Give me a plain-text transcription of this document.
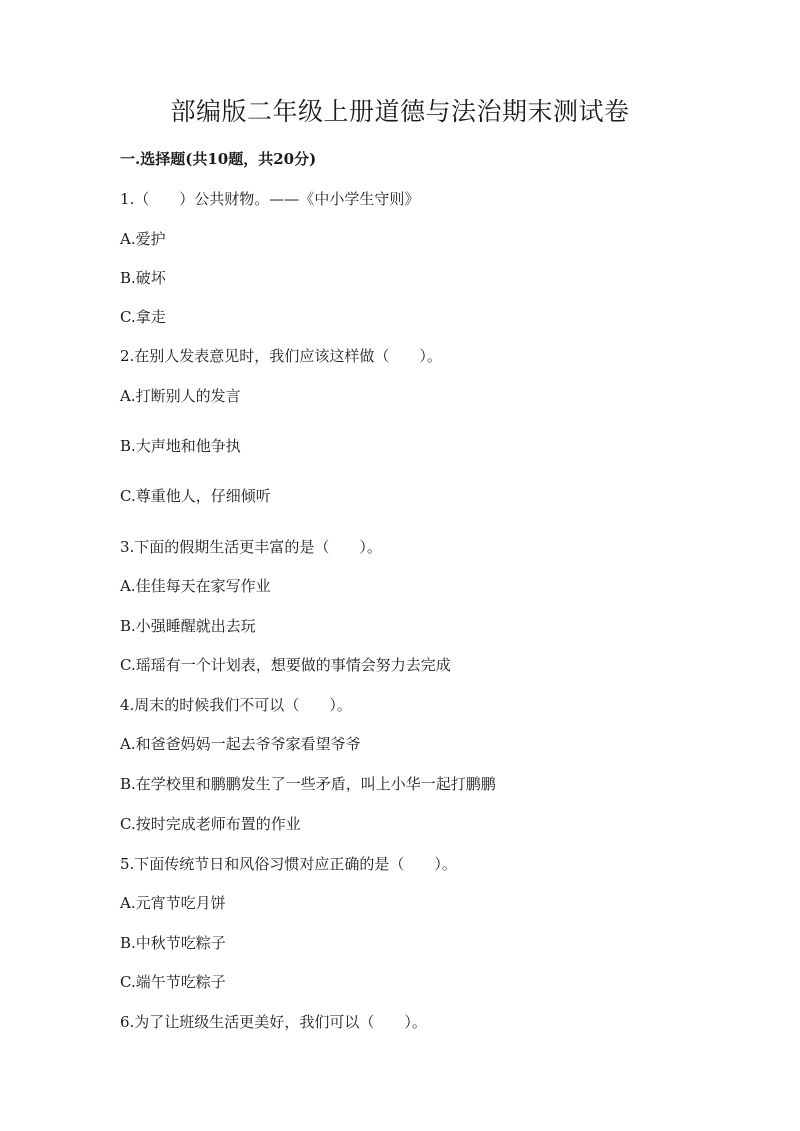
部编版二年级上册道德与法治期末测试卷
一.选择题(共10题，共20分)
1.（　　）公共财物。——《中小学生守则》
A.爱护
B.破坏
C.拿走
2.在别人发表意见时，我们应该这样做（　　）。
A.打断别人的发言
B.大声地和他争执
C.尊重他人，仔细倾听
3.下面的假期生活更丰富的是（　　）。
A.佳佳每天在家写作业
B.小强睡醒就出去玩
C.瑶瑶有一个计划表，想要做的事情会努力去完成
4.周末的时候我们不可以（　　）。
A.和爸爸妈妈一起去爷爷家看望爷爷
B.在学校里和鹏鹏发生了一些矛盾，叫上小华一起打鹏鹏
C.按时完成老师布置的作业
5.下面传统节日和风俗习惯对应正确的是（　　）。
A.元宵节吃月饼
B.中秋节吃粽子
C.端午节吃粽子
6.为了让班级生活更美好，我们可以（　　）。
